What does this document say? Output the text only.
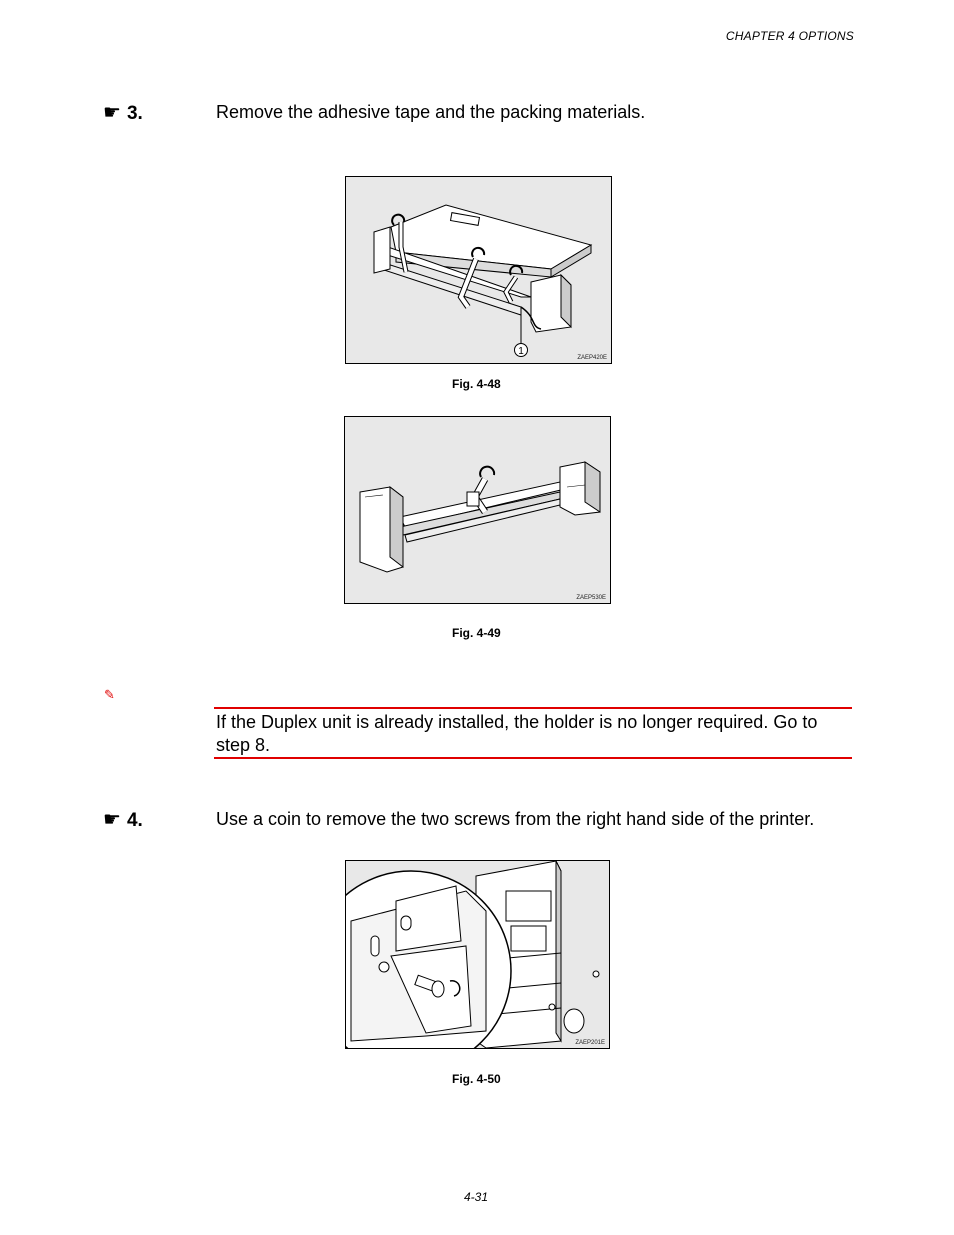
CHAPTER 4 OPTIONS
☛ 3.	Remove the adhesive tape and the packing materials.
1
ZAEP420E
Fig. 4-48
ZAEP530E
Fig. 4-49
✎
If the Duplex unit is already installed, the holder is no longer required. Go to step 8.
☛ 4.	Use a coin to remove the two screws from the right hand side of the printer.
ZAEP201E
Fig. 4-50
4-31
